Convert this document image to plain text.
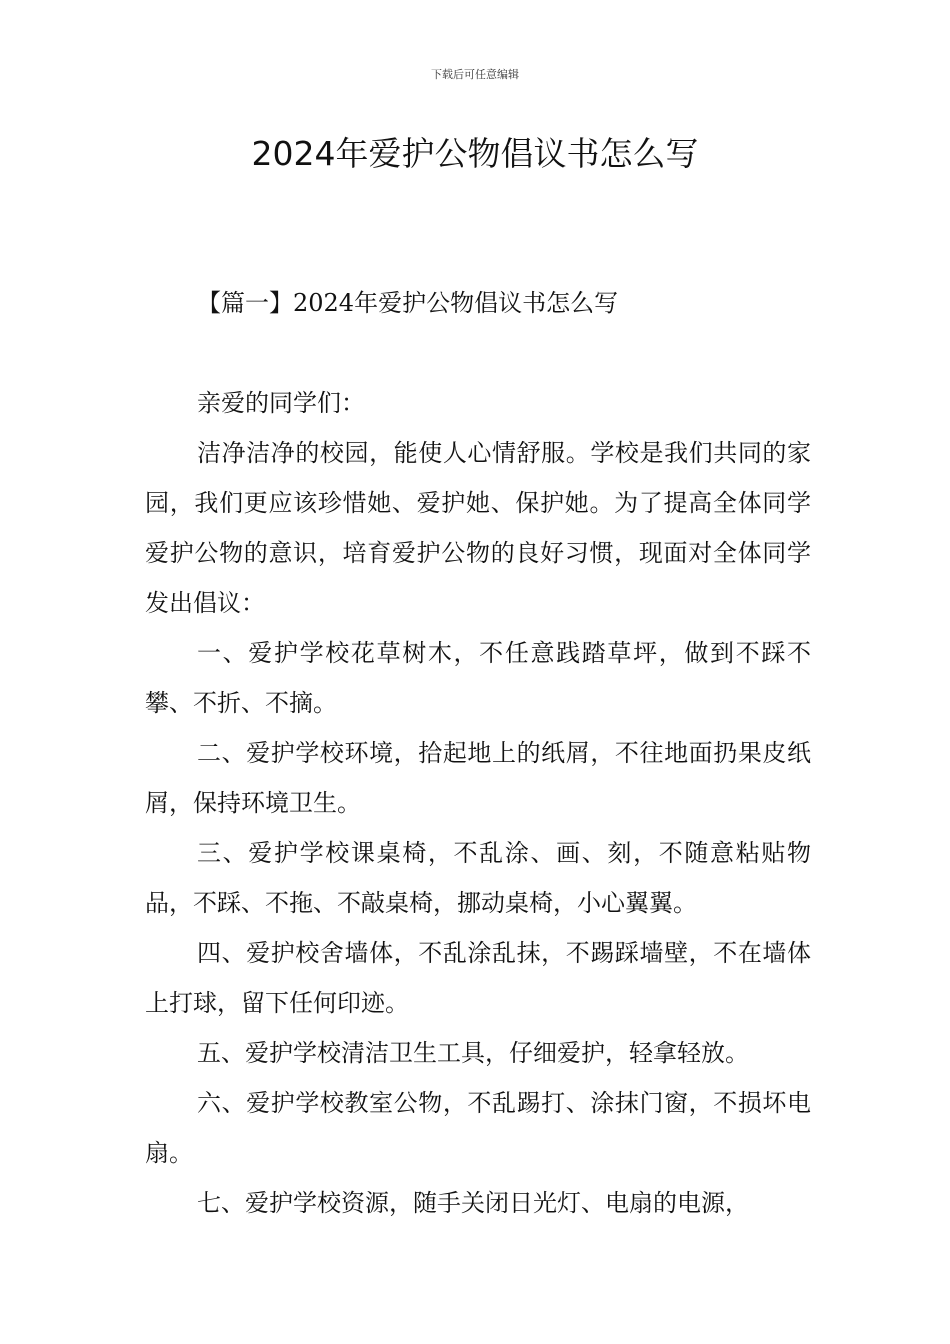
下载后可任意编辑
2024年爱护公物倡议书怎么写
【篇一】2024年爱护公物倡议书怎么写

亲爱的同学们：

洁净洁净的校园，能使人心情舒服。学校是我们共同的家园，我们更应该珍惜她、爱护她、保护她。为了提高全体同学爱护公物的意识，培育爱护公物的良好习惯，现面对全体同学发出倡议：

一、爱护学校花草树木，不任意践踏草坪，做到不踩不攀、不折、不摘。

二、爱护学校环境，拾起地上的纸屑，不往地面扔果皮纸屑，保持环境卫生。

三、爱护学校课桌椅，不乱涂、画、刻，不随意粘贴物品，不踩、不拖、不敲桌椅，挪动桌椅，小心翼翼。

四、爱护校舍墙体，不乱涂乱抹，不踢踩墙壁，不在墙体上打球，留下任何印迹。

五、爱护学校清洁卫生工具，仔细爱护，轻拿轻放。

六、爱护学校教室公物，不乱踢打、涂抹门窗，不损坏电扇。

七、爱护学校资源，随手关闭日光灯、电扇的电源，
